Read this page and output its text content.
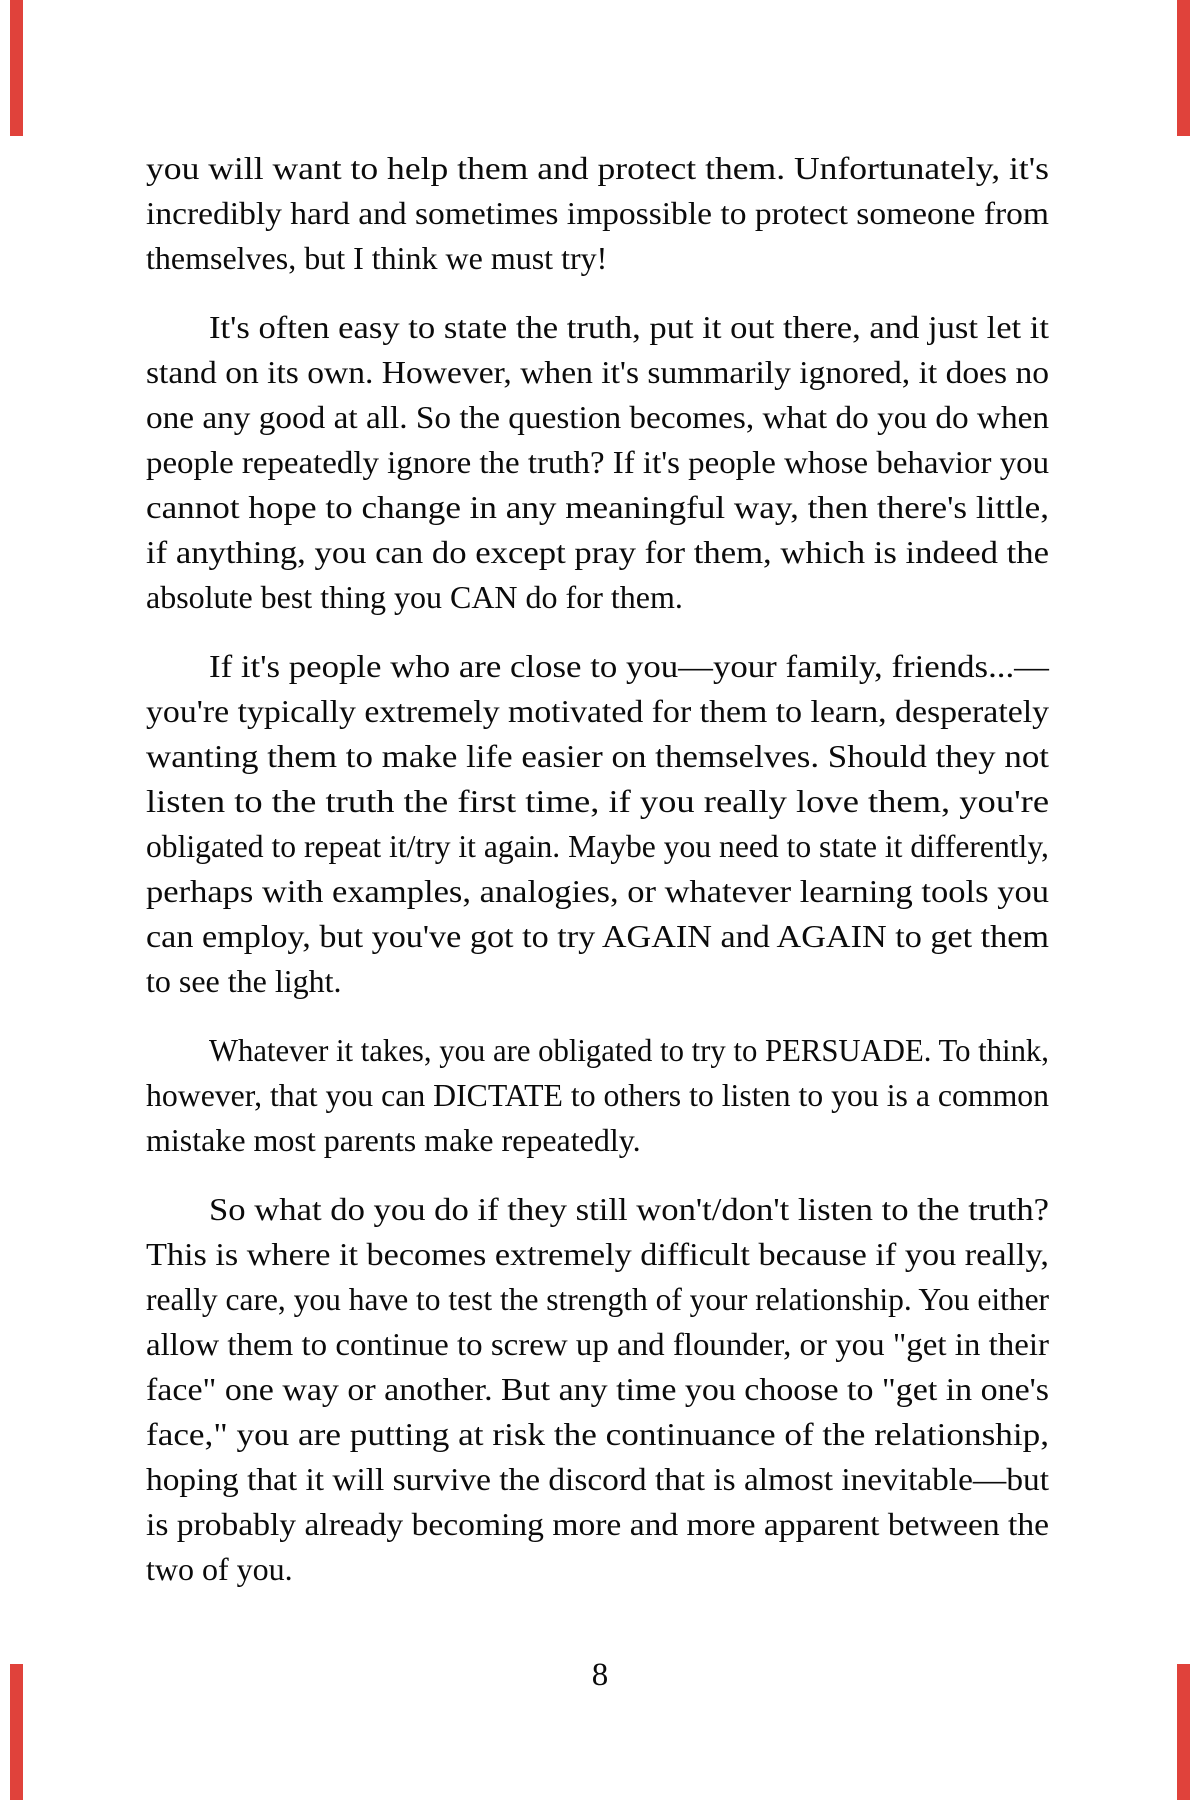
you will want to help them and protect them. Unfortunately, it's
incredibly hard and sometimes impossible to protect someone from
themselves, but I think we must try!
It's often easy to state the truth, put it out there, and just let it
stand on its own. However, when it's summarily ignored, it does no
one any good at all. So the question becomes, what do you do when
people repeatedly ignore the truth? If it's people whose behavior you
cannot hope to change in any meaningful way, then there's little,
if anything, you can do except pray for them, which is indeed the
absolute best thing you CAN do for them.
If it's people who are close to you—your family, friends...—
you're typically extremely motivated for them to learn, desperately
wanting them to make life easier on themselves. Should they not
listen to the truth the first time, if you really love them, you're
obligated to repeat it/try it again. Maybe you need to state it differently,
perhaps with examples, analogies, or whatever learning tools you
can employ, but you've got to try AGAIN and AGAIN to get them
to see the light.
Whatever it takes, you are obligated to try to PERSUADE. To think,
however, that you can DICTATE to others to listen to you is a common
mistake most parents make repeatedly.
So what do you do if they still won't/don't listen to the truth?
This is where it becomes extremely difficult because if you really,
really care, you have to test the strength of your relationship. You either
allow them to continue to screw up and flounder, or you "get in their
face" one way or another. But any time you choose to "get in one's
face," you are putting at risk the continuance of the relationship,
hoping that it will survive the discord that is almost inevitable—but
is probably already becoming more and more apparent between the
two of you.
8
